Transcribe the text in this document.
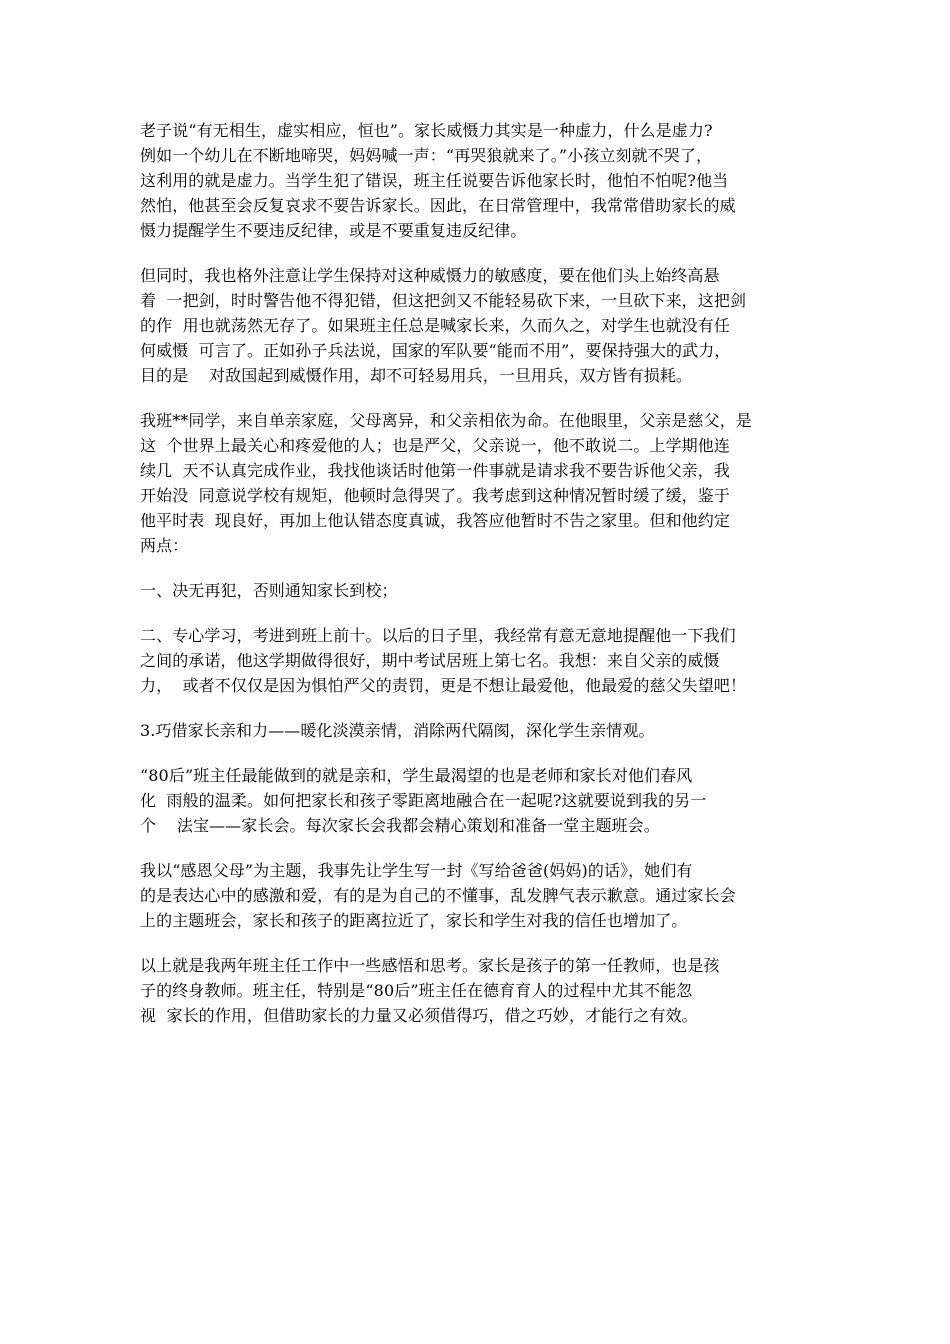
老子说“有无相生，虚实相应，恒也”。家长威慑力其实是一种虚力，什么是虚力?
例如一个幼儿在不断地啼哭，妈妈喊一声：“再哭狼就来了。”小孩立刻就不哭了，
这利用的就是虚力。当学生犯了错误，班主任说要告诉他家长时，他怕不怕呢?他当
然怕，他甚至会反复哀求不要告诉家长。因此，在日常管理中，我常常借助家长的威
慑力提醒学生不要违反纪律，或是不要重复违反纪律。
但同时，我也格外注意让学生保持对这种威慑力的敏感度，要在他们头上始终高悬
着  一把剑，时时警告他不得犯错，但这把剑又不能轻易砍下来，一旦砍下来，这把剑
的作  用也就荡然无存了。如果班主任总是喊家长来，久而久之，对学生也就没有任
何威慑  可言了。正如孙子兵法说，国家的军队要“能而不用”，要保持强大的武力，
目的是    对敌国起到威慑作用，却不可轻易用兵，一旦用兵，双方皆有损耗。
我班**同学，来自单亲家庭，父母离异，和父亲相依为命。在他眼里，父亲是慈父，是
这  个世界上最关心和疼爱他的人；也是严父，父亲说一，他不敢说二。上学期他连
续几  天不认真完成作业，我找他谈话时他第一件事就是请求我不要告诉他父亲，我
开始没  同意说学校有规矩，他顿时急得哭了。我考虑到这种情况暂时缓了缓，鉴于
他平时表  现良好，再加上他认错态度真诚，我答应他暂时不告之家里。但和他约定
两点：
一、决无再犯，否则通知家长到校；
二、专心学习，考进到班上前十。以后的日子里，我经常有意无意地提醒他一下我们
之间的承诺，他这学期做得很好，期中考试居班上第七名。我想：来自父亲的威慑
力，  或者不仅仅是因为惧怕严父的责罚，更是不想让最爱他，他最爱的慈父失望吧！
3.巧借家长亲和力——暖化淡漠亲情，消除两代隔阂，深化学生亲情观。
“80后”班主任最能做到的就是亲和，学生最渴望的也是老师和家长对他们春风
化  雨般的温柔。如何把家长和孩子零距离地融合在一起呢?这就要说到我的另一
个    法宝——家长会。每次家长会我都会精心策划和准备一堂主题班会。
我以“感恩父母”为主题，我事先让学生写一封《写给爸爸(妈妈)的话》，她们有
的是表达心中的感激和爱，有的是为自己的不懂事，乱发脾气表示歉意。通过家长会
上的主题班会，家长和孩子的距离拉近了，家长和学生对我的信任也增加了。
以上就是我两年班主任工作中一些感悟和思考。家长是孩子的第一任教师，也是孩
子的终身教师。班主任，特别是“80后”班主任在德育育人的过程中尤其不能忽
视  家长的作用，但借助家长的力量又必须借得巧，借之巧妙，才能行之有效。
